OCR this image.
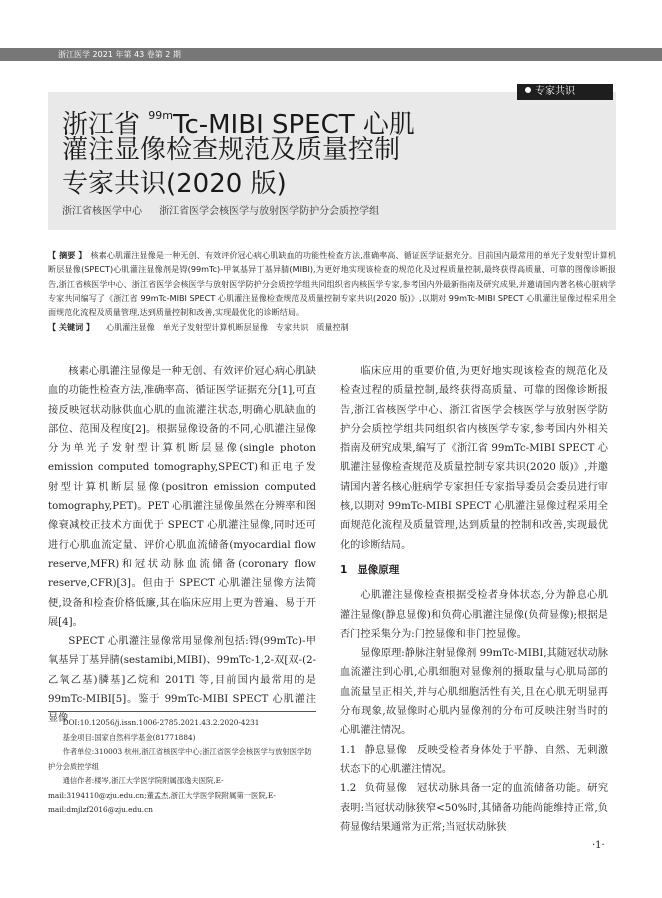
浙江医学 2021 年第 43 卷第 2 期
专家共识
浙江省 $^{99m}$Tc-MIBI SPECT 心肌
灌注显像检查规范及质量控制
专家共识(2020 版)
浙江省核医学中心 浙江省医学会核医学与放射医学防护分会质控学组
【 摘要 】 核素心肌灌注显像是一种无创、有效评价冠心病心肌缺血的功能性检查方法,准确率高、循证医学证据充分。目前国内最常用的单光子发射型计算机断层显像(SPECT)心肌灌注显像剂是锝(99mTc)-甲氧基异丁基异腈(MIBI),为更好地实现该检查的规范化及过程质量控制,最终获得高质量、可靠的图像诊断报告,浙江省核医学中心、浙江省医学会核医学与放射医学防护分会质控学组共同组织省内核医学专家,参考国内外最新指南及研究成果,并邀请国内著名核心脏病学专家共同编写了《浙江省 99mTc-MIBI SPECT 心肌灌注显像检查规范及质量控制专家共识(2020 版)》,以期对 99mTc-MIBI SPECT 心肌灌注显像过程采用全面规范化流程及质量管理,达到质量控制和改善,实现最优化的诊断结局。
【 关键词 】 心肌灌注显像 单光子发射型计算机断层显像 专家共识 质量控制

核素心肌灌注显像是一种无创、有效评价冠心病心肌缺血的功能性检查方法,准确率高、循证医学证据充分[1],可直接反映冠状动脉供血心肌的血流灌注状态,明确心肌缺血的部位、范围及程度[2]。根据显像设备的不同,心肌灌注显像分为单光子发射型计算机断层显像(single photon emission computed tomography,SPECT)和正电子发射型计算机断层显像(positron emission computed tomography,PET)。PET 心肌灌注显像虽然在分辨率和图像衰减校正技术方面优于 SPECT 心肌灌注显像,同时还可进行心肌血流定量、评价心肌血流储备(myocardial flow reserve,MFR)和冠状动脉血流储备(coronary flow reserve,CFR)[3]。但由于 SPECT 心肌灌注显像方法简便,设备和检查价格低廉,其在临床应用上更为普遍、易于开展[4]。

SPECT 心肌灌注显像常用显像剂包括:锝(99mTc)-甲氧基异丁基异腈(sestamibi,MIBI)、99mTc-1,2-双[双-(2-乙氧乙基)膦基]乙烷和 201Tl 等,目前国内最常用的是 99mTc-MIBI[5]。鉴于 99mTc-MIBI SPECT 心肌灌注显像

DOI:10.12056/j.issn.1006-2785.2021.43.2.2020-4231

基金项目:国家自然科学基金(81771884)

作者单位:310003 杭州,浙江省核医学中心;浙江省医学会核医学与放射医学防护分会质控学组

通信作者:楼岑,浙江大学医学院附属邵逸夫医院,E-mail:3194110@zju.edu.cn;董孟杰,浙江大学医学院附属第一医院,E-mail:dmjlzf2016@zju.edu.cn

临床应用的重要价值,为更好地实现该检查的规范化及检查过程的质量控制,最终获得高质量、可靠的图像诊断报告,浙江省核医学中心、浙江省医学会核医学与放射医学防护分会质控学组共同组织省内核医学专家,参考国内外相关指南及研究成果,编写了《浙江省 99mTc-MIBI SPECT 心肌灌注显像检查规范及质量控制专家共识(2020 版)》,并邀请国内著名核心脏病学专家担任专家指导委员会委员进行审核,以期对 99mTc-MIBI SPECT 心肌灌注显像过程采用全面规范化流程及质量管理,达到质量的控制和改善,实现最优化的诊断结局。

1 显像原理

心肌灌注显像检查根据受检者身体状态,分为静息心肌灌注显像(静息显像)和负荷心肌灌注显像(负荷显像);根据是否门控采集分为:门控显像和非门控显像。

显像原理:静脉注射显像剂 99mTc-MIBI,其随冠状动脉血流灌注到心肌,心肌细胞对显像剂的摄取量与心肌局部的血流量呈正相关,并与心肌细胞活性有关,且在心肌无明显再分布现象,故显像时心肌内显像剂的分布可反映注射当时的心肌灌注情况。

1.1 静息显像 反映受检者身体处于平静、自然、无刺激状态下的心肌灌注情况。

1.2 负荷显像 冠状动脉具备一定的血流储备功能。研究表明:当冠状动脉狭窄<50%时,其储备功能尚能维持正常,负荷显像结果通常为正常;当冠状动脉狭

·1·
